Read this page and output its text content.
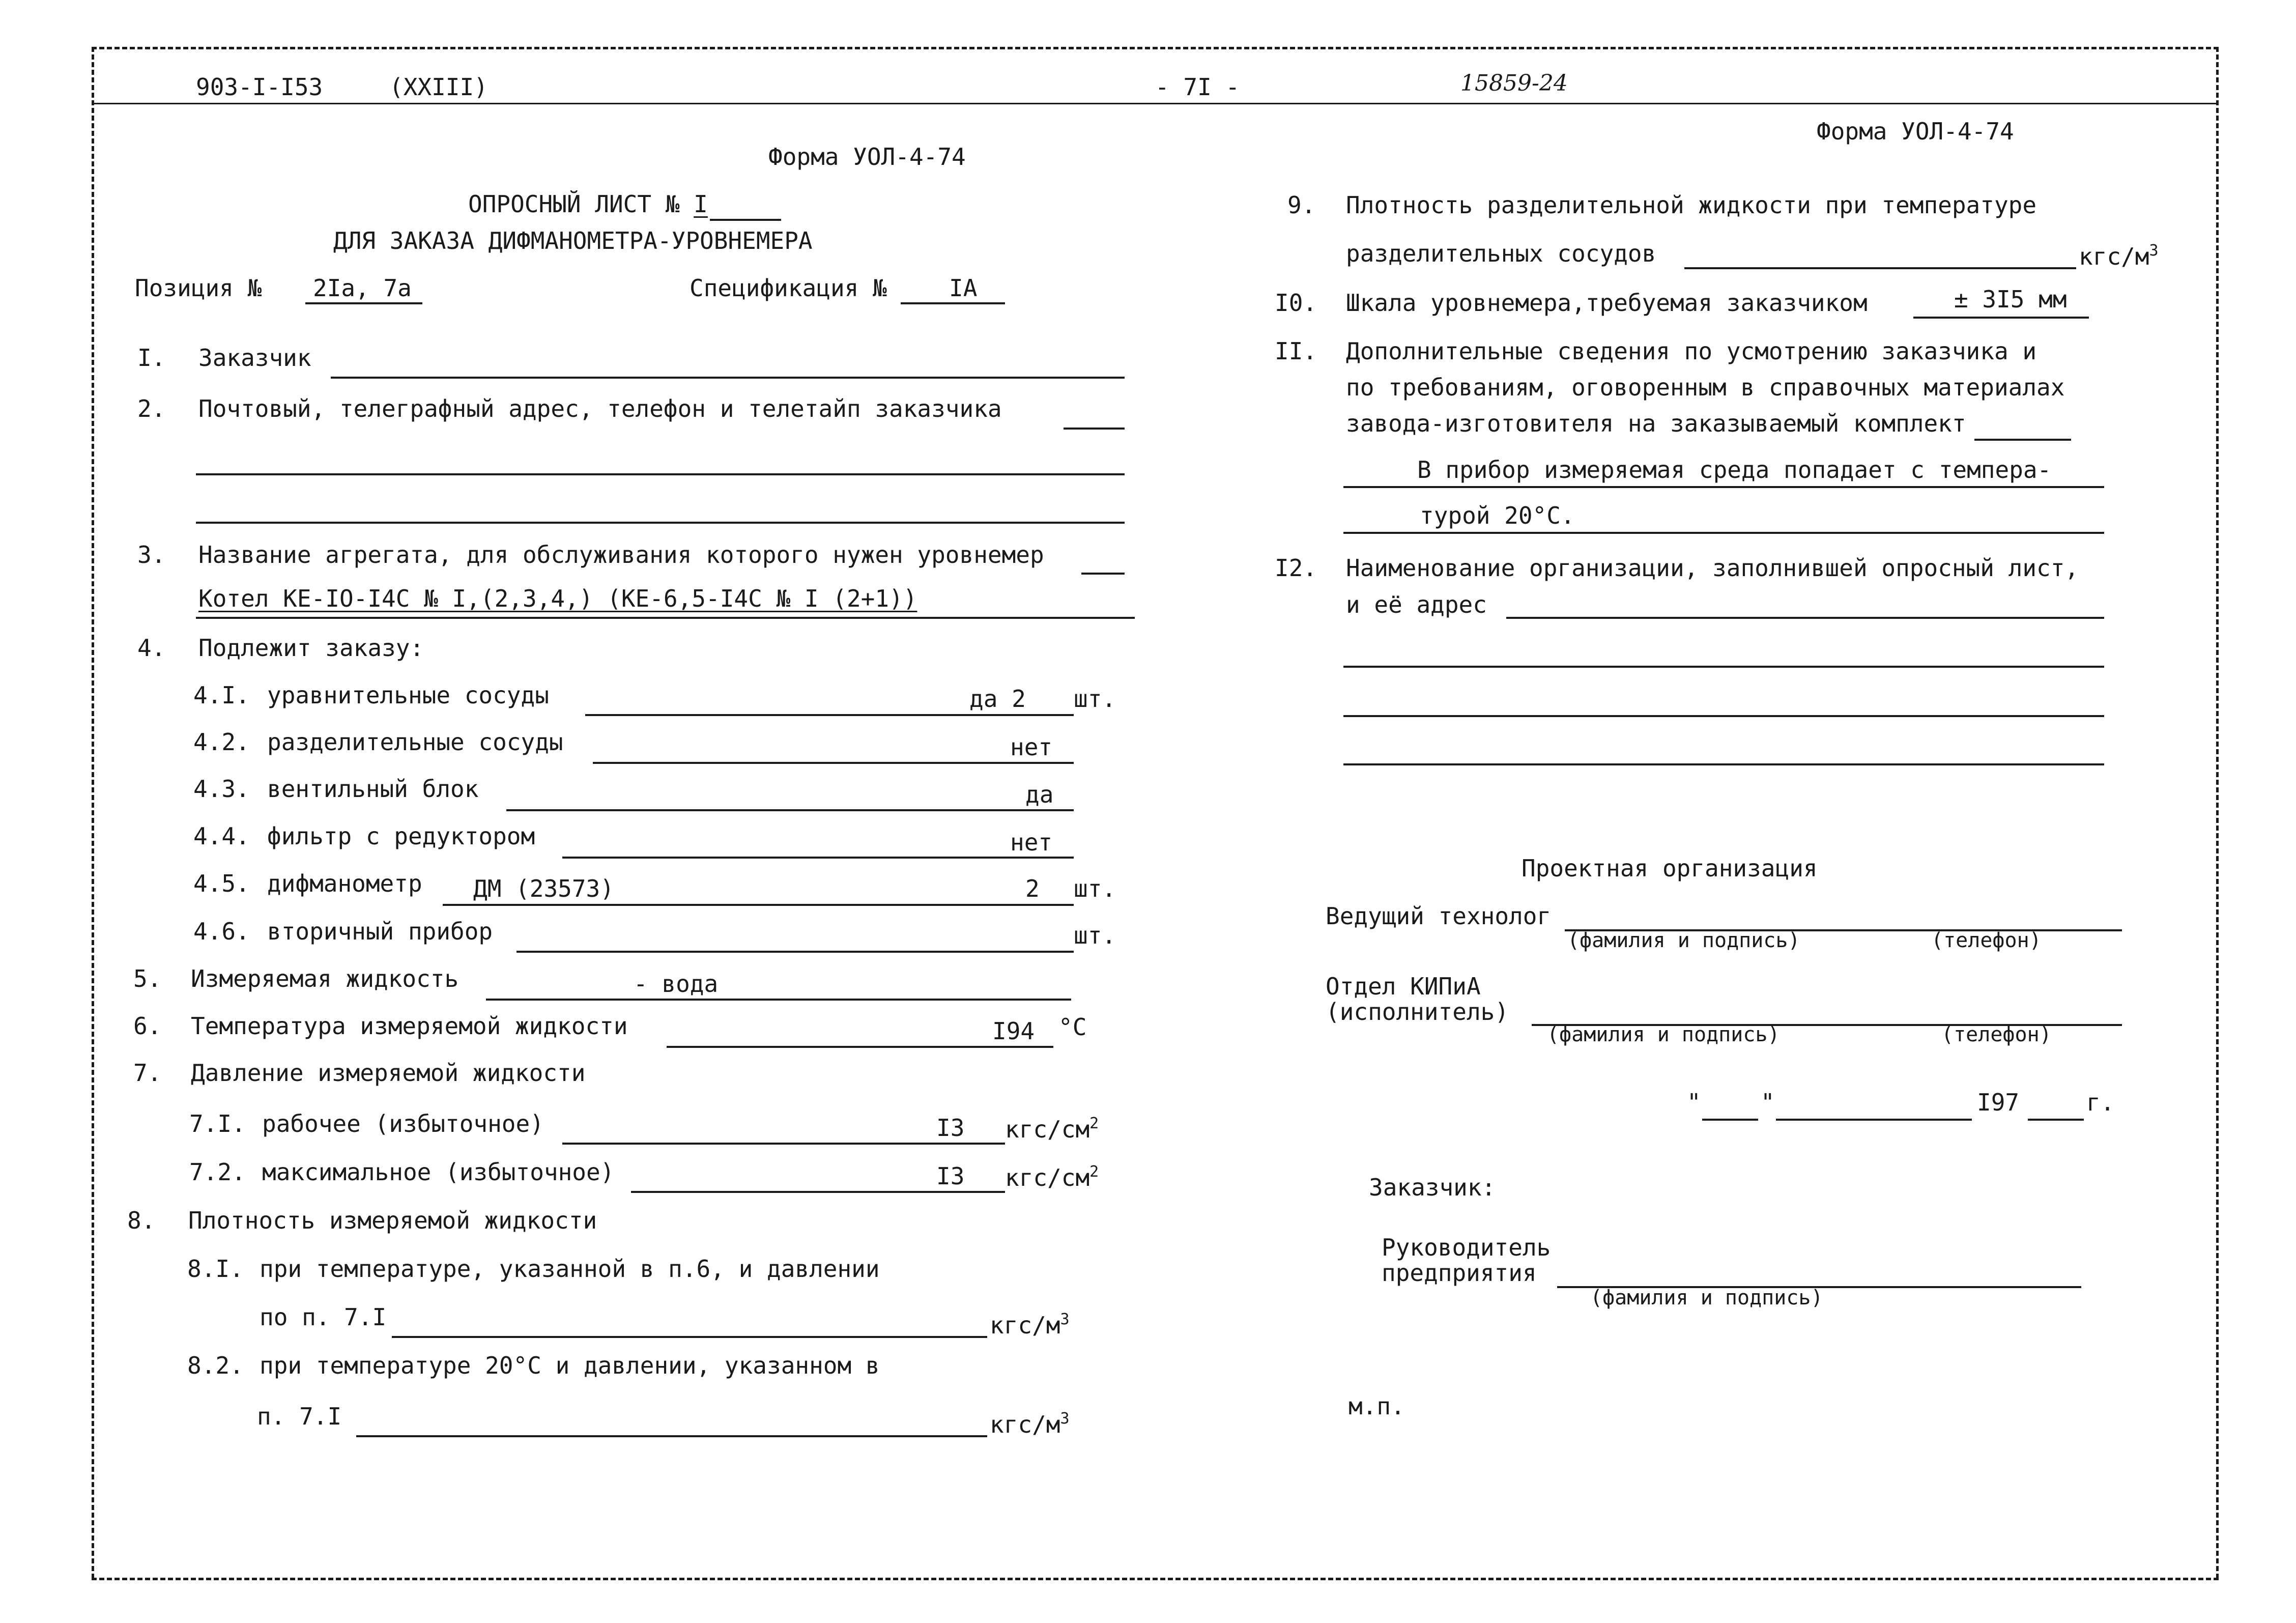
903-I-I53	(XXIII)	- 7I -	15859-24
Форма УОЛ-4-74
Форма УОЛ-4-74
ОПРОСНЫЙ ЛИСТ № I
ДЛЯ ЗАКАЗА ДИФМАНОМЕТРА-УРОВНЕМЕРА
Позиция № 2Iа, 7а	Спецификация №	IA
I. Заказчик
2. Почтовый, телеграфный адрес, телефон и телетайп заказчика
3. Название агрегата, для обслуживания которого нужен уровнемер
Котел КЕ-IO-I4C № I,(2,3,4,) (КЕ-6,5-I4C № I (2+1))
4. Подлежит заказу:
4.I. уравнительные сосуды	да 2 шт.
4.2. разделительные сосуды	нет
4.3. вентильный блок	да
4.4. фильтр с редуктором	нет
4.5. дифманометр ДМ (23573)	2 шт.
4.6. вторичный прибор	шт.
5. Измеряемая жидкость	- вода
6. Температура измеряемой жидкости	I94 °C
7. Давление измеряемой жидкости
7.I. рабочее (избыточное)	I3 кгс/$см^2$
7.2. максимальное (избыточное)	I3 кгс/$см^2$
8. Плотность измеряемой жидкости
8.I. при температуре, указанной в п.6, и давлении
по п. 7.I	кгс/$м^3$
8.2. при температуре 20°C и давлении, указанном в
п. 7.I	кгс/$м^3$
9. Плотность разделительной жидкости при температуре
разделительных сосудов	кгс/$м^3$
I0. Шкала уровнемера,требуемая заказчиком	± 3I5 мм
II. Дополнительные сведения по усмотрению заказчика и
по требованиям, оговоренным в справочных материалах
завода-изготовителя на заказываемый комплект
В прибор измеряемая среда попадает с темпера-
турой 20°C.
I2. Наименование организации, заполнившей опросный лист,
и её адрес
Проектная организация
Ведущий технолог
(фамилия и подпись)	(телефон)
Отдел КИПиА
(исполнитель)
(фамилия и подпись)	(телефон)
"	"	I97	г.
Заказчик:
Руководитель
предприятия
(фамилия и подпись)
м.п.
